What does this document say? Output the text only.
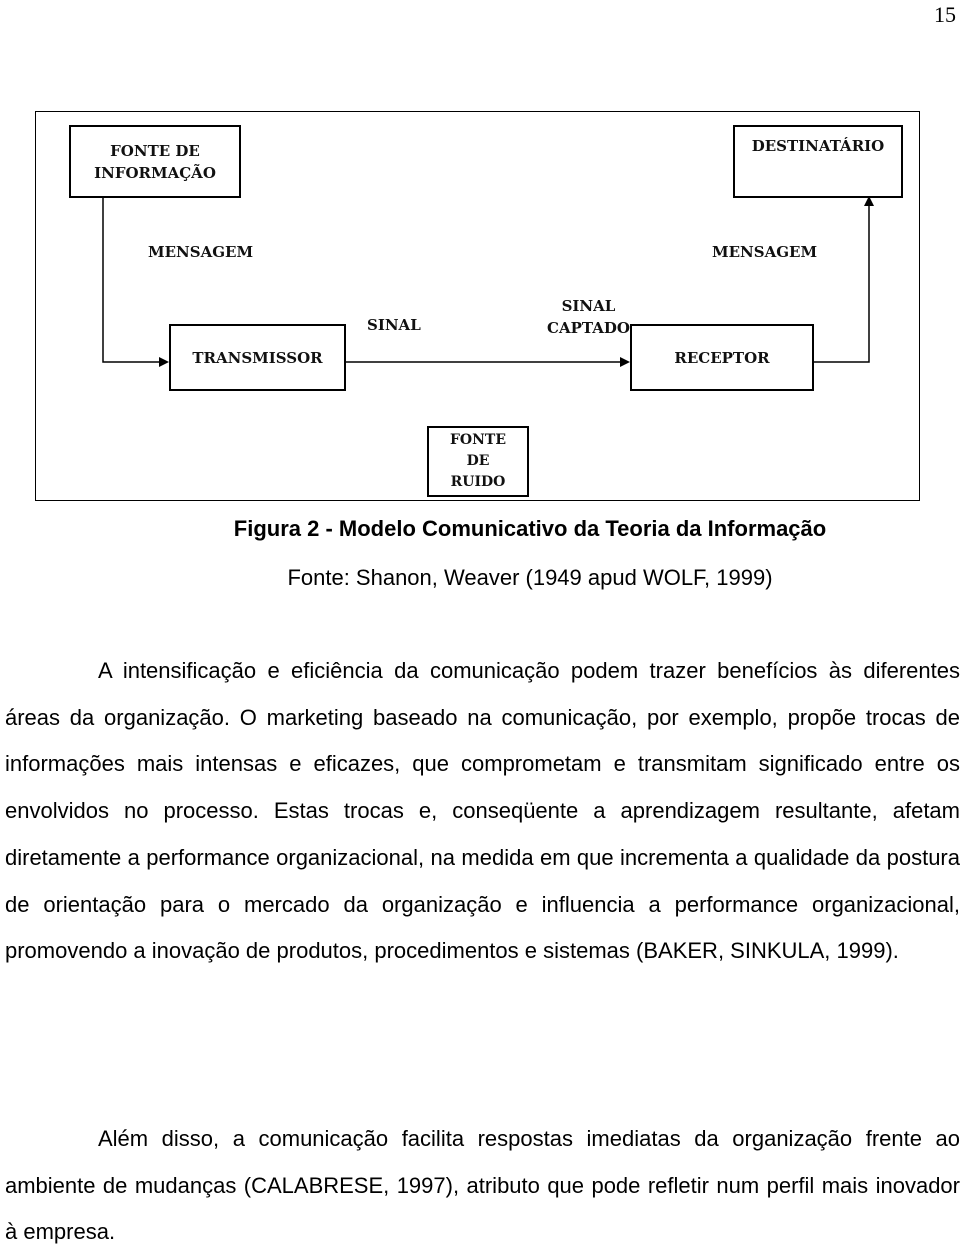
15
FONTE DE
INFORMAÇÃO
DESTINATÁRIO
TRANSMISSOR	RECEPTOR
FONTE
DE
RUIDO
MENSAGEM	MENSAGEM
SINAL
SINAL
CAPTADO
Figura 2 - Modelo Comunicativo da Teoria da Informação
Fonte: Shanon, Weaver (1949 apud WOLF, 1999)

A intensificação e eficiência da comunicação podem trazer benefícios às diferentes áreas da organização. O marketing baseado na comunicação, por exemplo, propõe trocas de informações mais intensas e eficazes, que comprometam e transmitam significado entre os envolvidos no processo. Estas trocas e, conseqüente a aprendizagem resultante, afetam diretamente a performance organizacional, na medida em que incrementa a qualidade da postura de orientação para o mercado da organização e influencia a performance organizacional, promovendo a inovação de produtos, procedimentos e sistemas (BAKER, SINKULA, 1999).

Além disso, a comunicação facilita respostas imediatas da organização frente ao ambiente de mudanças (CALABRESE, 1997), atributo que pode refletir num perfil mais inovador à empresa.
